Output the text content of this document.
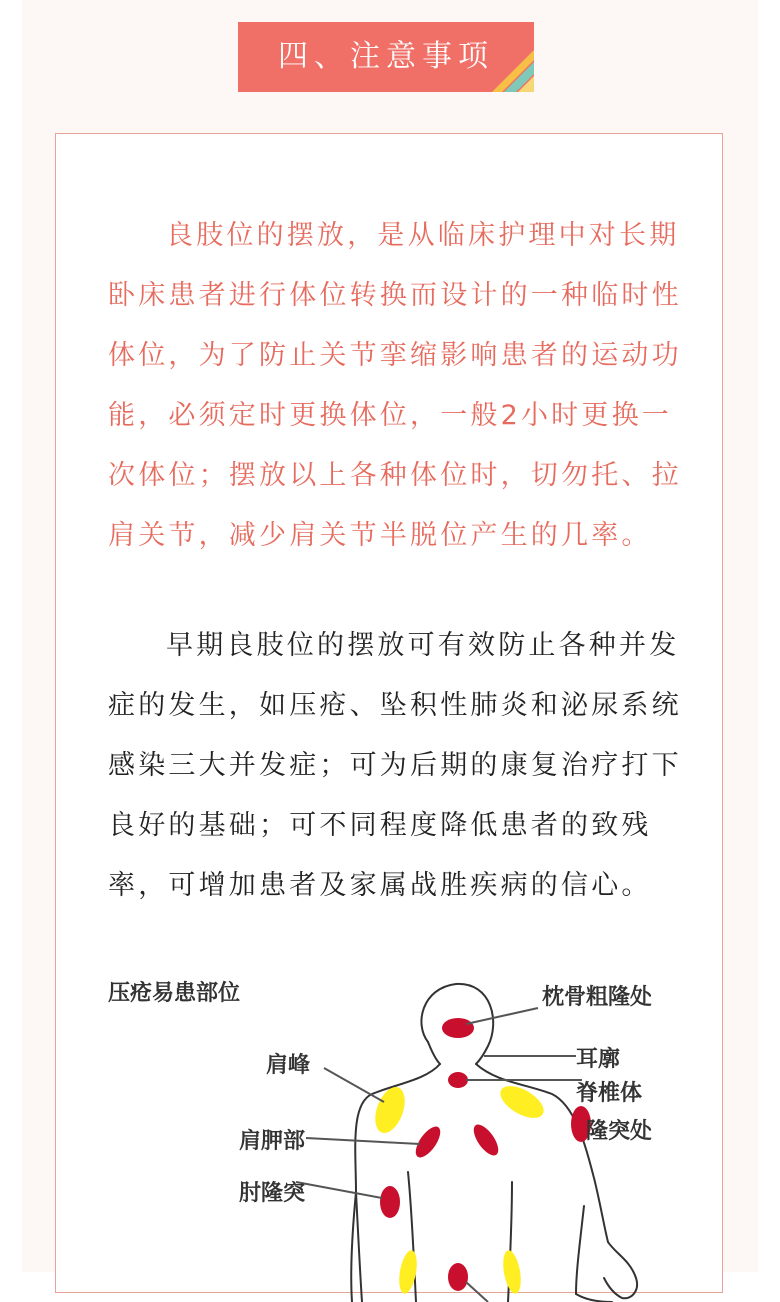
四、注意事项

良肢位的摆放，是从临床护理中对长期卧床患者进行体位转换而设计的一种临时性体位，为了防止关节挛缩影响患者的运动功能，必须定时更换体位，一般2小时更换一次体位；摆放以上各种体位时，切勿托、拉肩关节，减少肩关节半脱位产生的几率。

早期良肢位的摆放可有效防止各种并发症的发生，如压疮、坠积性肺炎和泌尿系统感染三大并发症；可为后期的康复治疗打下良好的基础；可不同程度降低患者的致残率，可增加患者及家属战胜疾病的信心。

压疮易患部位	枕骨粗隆处
耳廓
脊椎体
隆突处
肩峰
肩胛部
肘隆突
